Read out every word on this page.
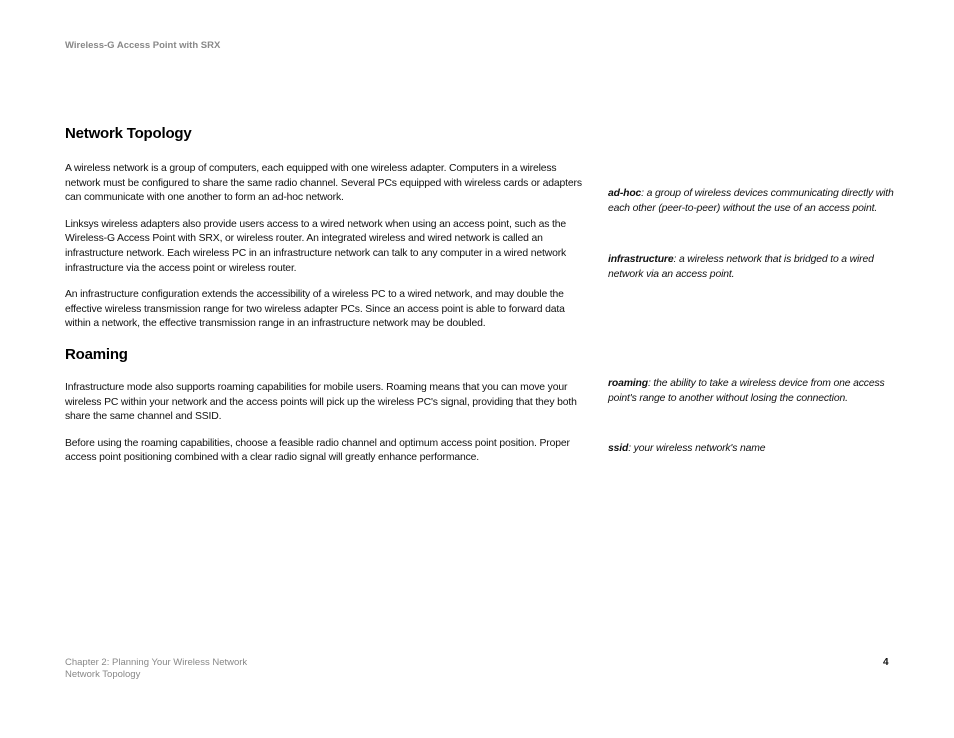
Wireless-G Access Point with SRX
Network Topology

A wireless network is a group of computers, each equipped with one wireless adapter. Computers in a wireless network must be configured to share the same radio channel. Several PCs equipped with wireless cards or adapters can communicate with one another to form an ad-hoc network.

Linksys wireless adapters also provide users access to a wired network when using an access point, such as the Wireless-G Access Point with SRX, or wireless router. An integrated wireless and wired network is called an infrastructure network. Each wireless PC in an infrastructure network can talk to any computer in a wired network infrastructure via the access point or wireless router.

An infrastructure configuration extends the accessibility of a wireless PC to a wired network, and may double the effective wireless transmission range for two wireless adapter PCs. Since an access point is able to forward data within a network, the effective transmission range in an infrastructure network may be doubled.

Roaming

Infrastructure mode also supports roaming capabilities for mobile users. Roaming means that you can move your wireless PC within your network and the access points will pick up the wireless PC's signal, providing that they both share the same channel and SSID.

Before using the roaming capabilities, choose a feasible radio channel and optimum access point position. Proper access point positioning combined with a clear radio signal will greatly enhance performance.

ad-hoc: a group of wireless devices communicating directly with each other (peer-to-peer) without the use of an access point.
infrastructure: a wireless network that is bridged to a wired network via an access point.
roaming: the ability to take a wireless device from one access point's range to another without losing the connection.
ssid: your wireless network's name
Chapter 2: Planning Your Wireless Network
Network Topology
4
